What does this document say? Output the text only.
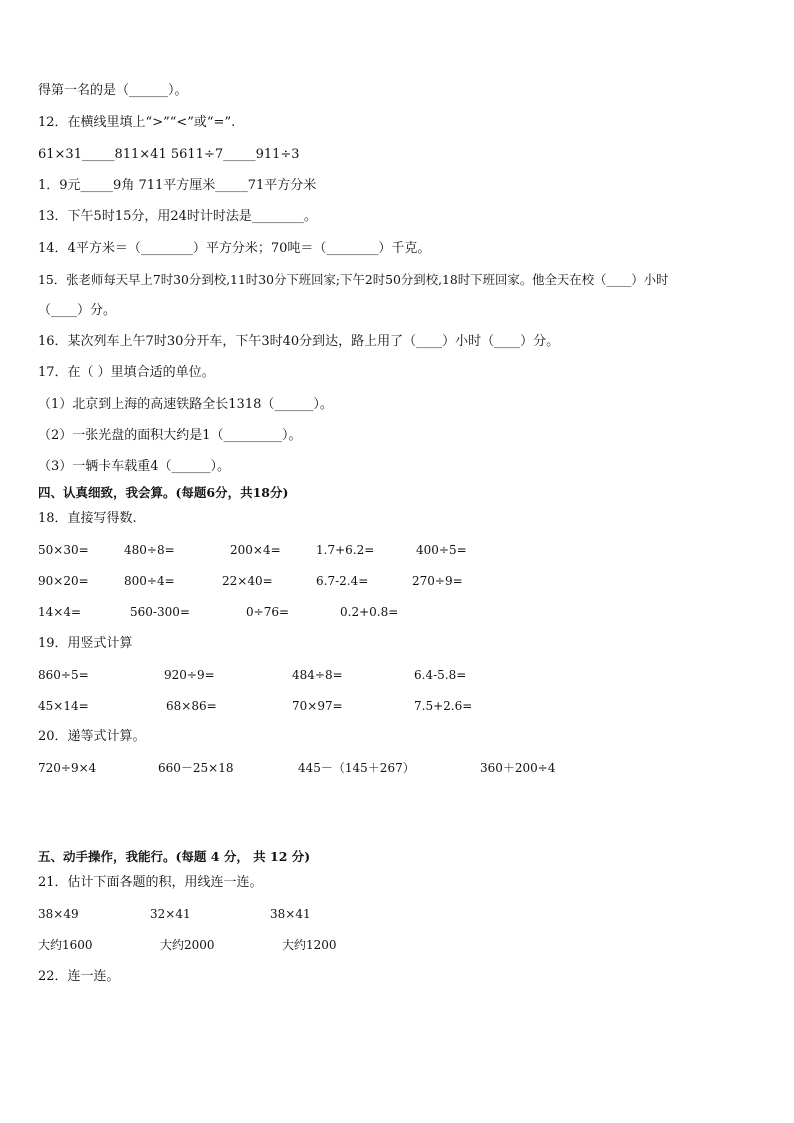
得第一名的是（______）。
12．在横线里填上“>”“<”或“=”.
61×31_____811×41 5611÷7_____911÷3
1．9元_____9角 711平方厘米_____71平方分米
13．下午5时15分，用24时计时法是________。
14．4平方米＝（________）平方分米；70吨＝（________）千克。
15．张老师每天早上7时30分到校,11时30分下班回家;下午2时50分到校,18时下班回家。他全天在校（____）小时
（____）分。
16．某次列车上午7时30分开车，下午3时40分到达，路上用了（____）小时（____）分。
17．在（ ）里填合适的单位。
（1）北京到上海的高速铁路全长1318（______）。
（2）一张光盘的面积大约是1（_________）。
（3）一辆卡车载重4（______）。
四、认真细致，我会算。(每题6分，共18分)
18．直接写得数.
50×30=	480÷8=	200×4=	1.7+6.2=	400÷5=
90×20=	800÷4=	22×40=	6.7-2.4=	270÷9=
14×4=	560-300=	0÷76=	0.2+0.8=
19．用竖式计算
860÷5=	920÷9=	484÷8=	6.4-5.8=
45×14=	68×86=	70×97=	7.5+2.6=
20．递等式计算。
720÷9×4	660－25×18	445－（145＋267）	360＋200÷4
五、动手操作，我能行。(每题 4 分， 共 12 分)
21．估计下面各题的积，用线连一连。
38×49	32×41	38×41
大约1600	大约2000	大约1200
22．连一连。
